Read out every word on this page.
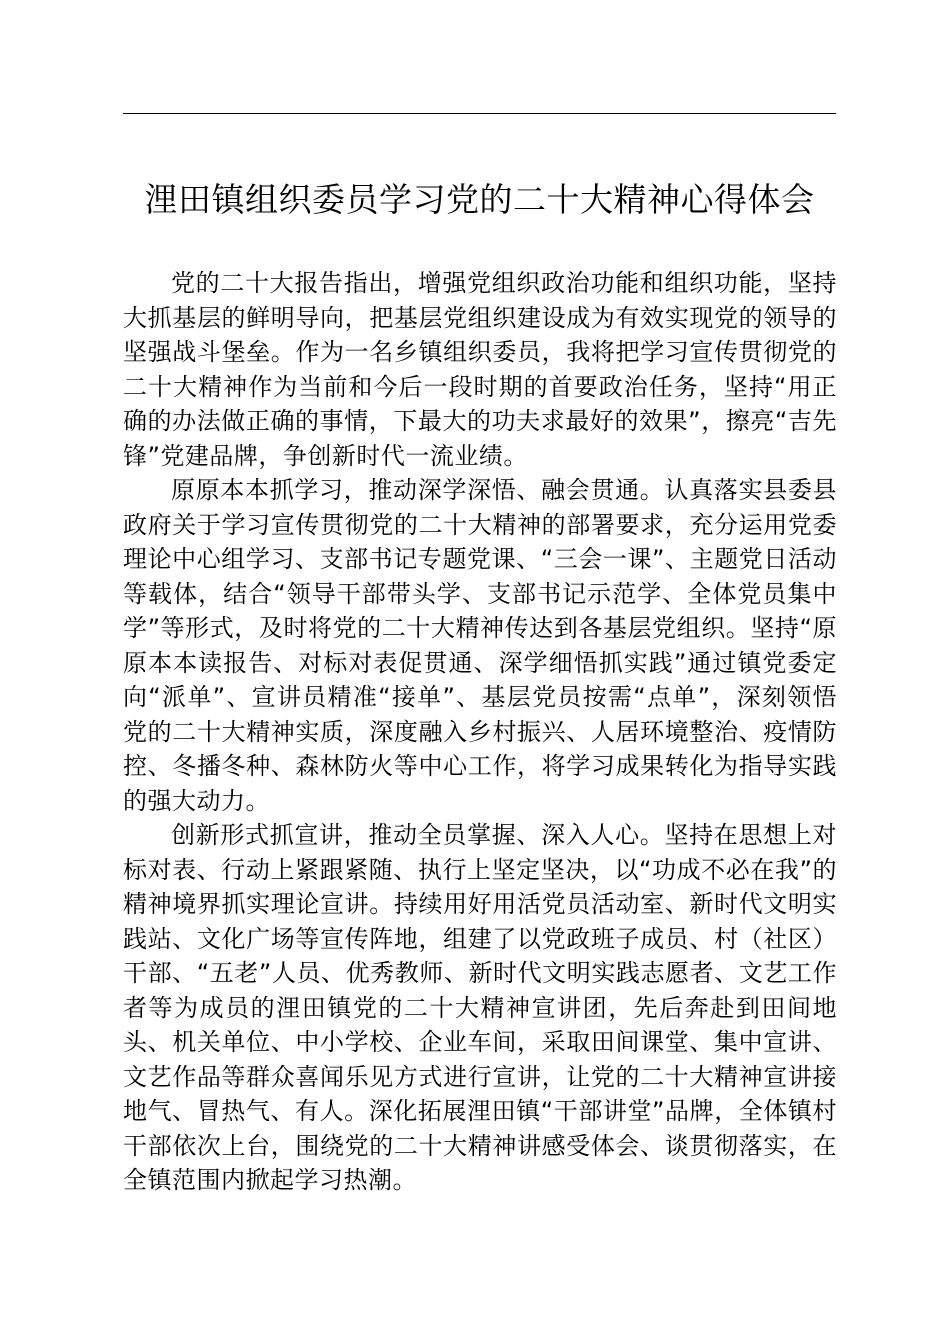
浬田镇组织委员学习党的二十大精神心得体会

党的二十大报告指出，增强党组织政治功能和组织功能，坚持大抓基层的鲜明导向，把基层党组织建设成为有效实现党的领导的坚强战斗堡垒。作为一名乡镇组织委员，我将把学习宣传贯彻党的二十大精神作为当前和今后一段时期的首要政治任务，坚持“用正确的办法做正确的事情，下最大的功夫求最好的效果”，擦亮“吉先锋”党建品牌，争创新时代一流业绩。

原原本本抓学习，推动深学深悟、融会贯通。认真落实县委县政府关于学习宣传贯彻党的二十大精神的部署要求，充分运用党委理论中心组学习、支部书记专题党课、“三会一课”、主题党日活动等载体，结合“领导干部带头学、支部书记示范学、全体党员集中学”等形式，及时将党的二十大精神传达到各基层党组织。坚持“原原本本读报告、对标对表促贯通、深学细悟抓实践”通过镇党委定向“派单”、宣讲员精准“接单”、基层党员按需“点单”，深刻领悟党的二十大精神实质，深度融入乡村振兴、人居环境整治、疫情防控、冬播冬种、森林防火等中心工作，将学习成果转化为指导实践的强大动力。

创新形式抓宣讲，推动全员掌握、深入人心。坚持在思想上对标对表、行动上紧跟紧随、执行上坚定坚决，以“功成不必在我”的精神境界抓实理论宣讲。持续用好用活党员活动室、新时代文明实践站、文化广场等宣传阵地，组建了以党政班子成员、村（社区）干部、“五老”人员、优秀教师、新时代文明实践志愿者、文艺工作者等为成员的浬田镇党的二十大精神宣讲团，先后奔赴到田间地头、机关单位、中小学校、企业车间，采取田间课堂、集中宣讲、文艺作品等群众喜闻乐见方式进行宣讲，让党的二十大精神宣讲接地气、冒热气、有人。深化拓展浬田镇“干部讲堂”品牌，全体镇村干部依次上台，围绕党的二十大精神讲感受体会、谈贯彻落实，在全镇范围内掀起学习热潮。
